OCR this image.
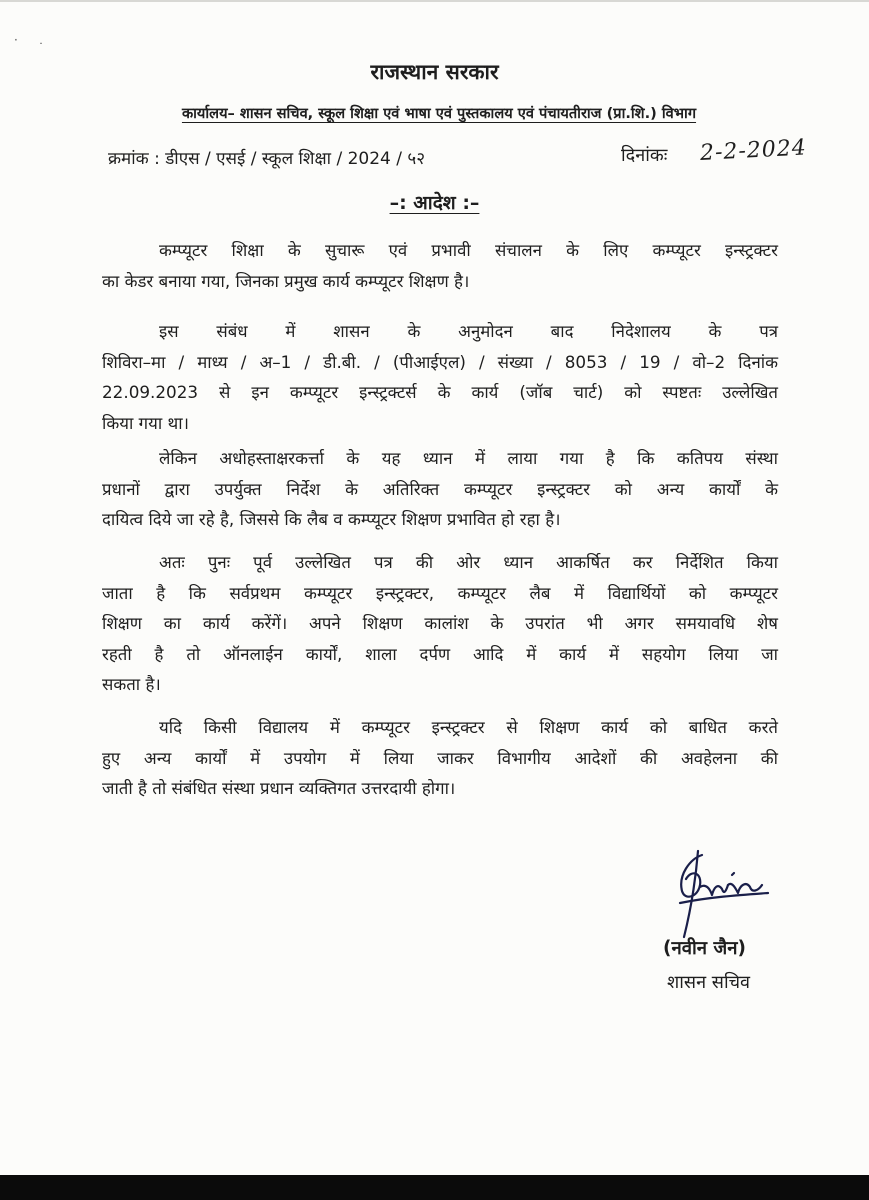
·
˙
राजस्थान सरकार
कार्यालय– शासन सचिव, स्कूल शिक्षा एवं भाषा एवं पुस्तकालय एवं पंचायतीराज (प्रा.शि.) विभाग
क्रमांक : डीएस / एसई / स्कूल शिक्षा / 2024 / ५२	दिनांकः 2-2-2024
–: आदेश :–

कम्प्यूटर शिक्षा के सुचारू एवं प्रभावी संचालन के लिए कम्प्यूटर इन्स्ट्रक्टर
का केडर बनाया गया, जिनका प्रमुख कार्य कम्प्यूटर शिक्षण है।

इस संबंध में शासन के अनुमोदन बाद निदेशालय के पत्र
शिविरा–मा / माध्य / अ–1 / डी.बी. / (पीआईएल) / संख्या / 8053 / 19 / वो–2 दिनांक
22.09.2023 से इन कम्प्यूटर इन्स्ट्रक्टर्स के कार्य (जॉब चार्ट) को स्पष्टतः उल्लेखित
किया गया था।

लेकिन अधोहस्ताक्षरकर्त्ता के यह ध्यान में लाया गया है कि कतिपय संस्था
प्रधानों द्वारा उपर्युक्त निर्देश के अतिरिक्त कम्प्यूटर इन्स्ट्रक्टर को अन्य कार्यों के
दायित्व दिये जा रहे है, जिससे कि लैब व कम्प्यूटर शिक्षण प्रभावित हो रहा है।

अतः पुनः पूर्व उल्लेखित पत्र की ओर ध्यान आकर्षित कर निर्देशित किया
जाता है कि सर्वप्रथम कम्प्यूटर इन्स्ट्रक्टर, कम्प्यूटर लैब में विद्यार्थियों को कम्प्यूटर
शिक्षण का कार्य करेंगें। अपने शिक्षण कालांश के उपरांत भी अगर समयावधि शेष
रहती है तो ऑनलाईन कार्यों, शाला दर्पण आदि में कार्य में सहयोग लिया जा
सकता है।

यदि किसी विद्यालय में कम्प्यूटर इन्स्ट्रक्टर से शिक्षण कार्य को बाधित करते
हुए अन्य कार्यों में उपयोग में लिया जाकर विभागीय आदेशों की अवहेलना की
जाती है तो संबंधित संस्था प्रधान व्यक्तिगत उत्तरदायी होगा।

(नवीन जैन)
शासन सचिव
